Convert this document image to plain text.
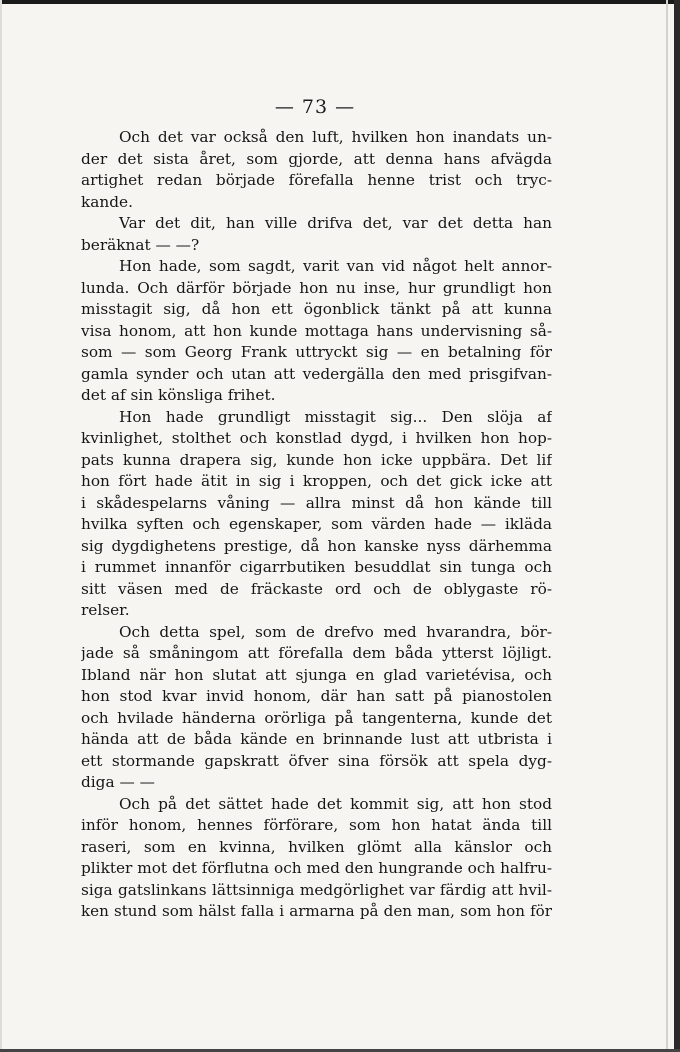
— 73 —
Och det var också den luft, hvilken hon inandats un-
der det sista året, som gjorde, att denna hans afvägda
artighet redan började förefalla henne trist och tryc-
kande.
Var det dit, han ville drifva det, var det detta han
beräknat — —?
Hon hade, som sagdt, varit van vid något helt annor-
lunda. Och därför började hon nu inse, hur grundligt hon
misstagit sig, då hon ett ögonblick tänkt på att kunna
visa honom, att hon kunde mottaga hans undervisning så-
som — som Georg Frank uttryckt sig — en betalning för
gamla synder och utan att vedergälla den med prisgifvan-
det af sin könsliga frihet.
Hon hade grundligt misstagit sig... Den slöja af
kvinlighet, stolthet och konstlad dygd, i hvilken hon hop-
pats kunna drapera sig, kunde hon icke uppbära. Det lif
hon fört hade ätit in sig i kroppen, och det gick icke att
i skådespelarns våning — allra minst då hon kände till
hvilka syften och egenskaper, som värden hade — ikläda
sig dygdighetens prestige, då hon kanske nyss därhemma
i rummet innanför cigarrbutiken besuddlat sin tunga och
sitt väsen med de fräckaste ord och de oblygaste rö-
relser.
Och detta spel, som de drefvo med hvarandra, bör-
jade så småningom att förefalla dem båda ytterst löjligt.
Ibland när hon slutat att sjunga en glad varietévisa, och
hon stod kvar invid honom, där han satt på pianostolen
och hvilade händerna orörliga på tangenterna, kunde det
hända att de båda kände en brinnande lust att utbrista i
ett stormande gapskratt öfver sina försök att spela dyg-
diga — —
Och på det sättet hade det kommit sig, att hon stod
inför honom, hennes förförare, som hon hatat ända till
raseri, som en kvinna, hvilken glömt alla känslor och
plikter mot det förflutna och med den hungrande och halfru-
siga gatslinkans lättsinniga medgörlighet var färdig att hvil-
ken stund som hälst falla i armarna på den man, som hon för
